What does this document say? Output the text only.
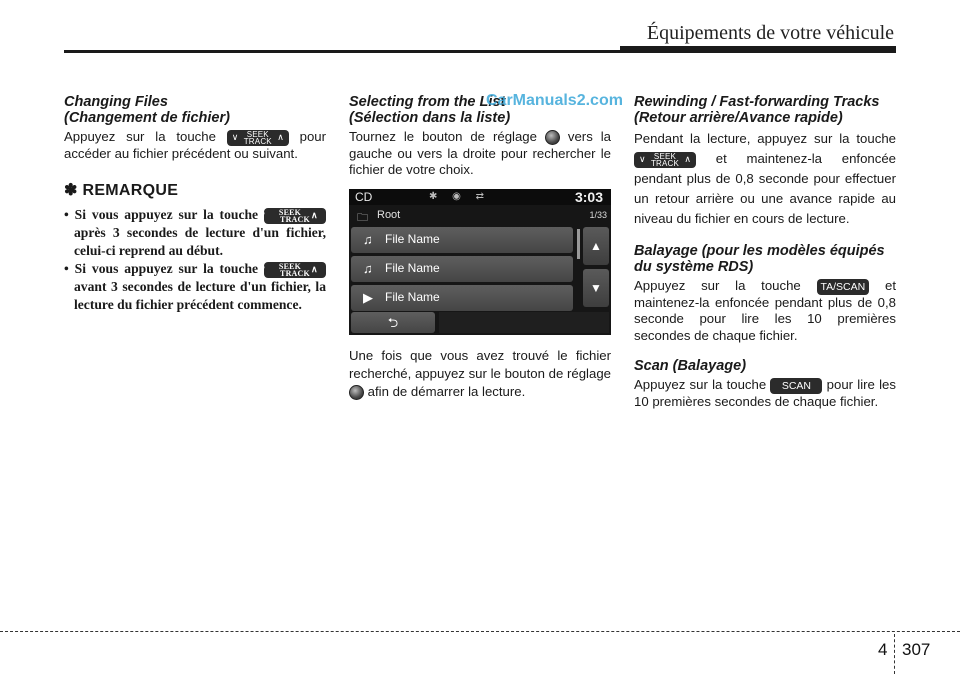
Équipements de votre véhicule
Changing Files
(Changement de fichier)

Appuyez sur la touche ∨	SEEK
TRACK ∧ pour accéder au fichier précédent ou suivant.

✽ REMARQUE
• Si vous appuyez sur la touche ∨	SEEK
TRACK ∧
après 3 secondes de lecture d'un fichier, celui-ci reprend au début.
• Si vous appuyez sur la touche ∨	SEEK
TRACK ∧
avant 3 secondes de lecture d'un fichier, la lecture du fichier précédent commence.
Selecting from the List
(Sélection dans la liste)

Tournez le bouton de réglage vers la gauche ou vers la droite pour rechercher le fichier de votre choix.

CD	✱ ◉ ⇄	3:03
🗀 Root	1/33
♫ File Name
♫ File Name
▶ File Name
▲
▼
⮌

Une fois que vous avez trouvé le fichier recherché, appuyez sur le bouton de réglage  afin de démarrer la lecture.

CarManuals2.com Rewinding / Fast-forwarding Tracks
(Retour arrière/Avance rapide)

Pendant la lecture, appuyez sur la touche
∨	SEEK
TRACK ∧ et maintenez-la enfoncée pendant plus de 0,8 seconde pour effectuer un retour arrière ou une avance rapide au niveau du fichier en cours de lecture.

Balayage (pour les modèles équipés
du système RDS)

Appuyez sur la touche TA/SCAN et maintenez-la enfoncée pendant plus de 0,8 seconde pour lire les 10 premières secondes de chaque fichier.

Scan (Balayage)

Appuyez sur la touche SCAN pour lire les 10 premières secondes de chaque fichier.

4 307
